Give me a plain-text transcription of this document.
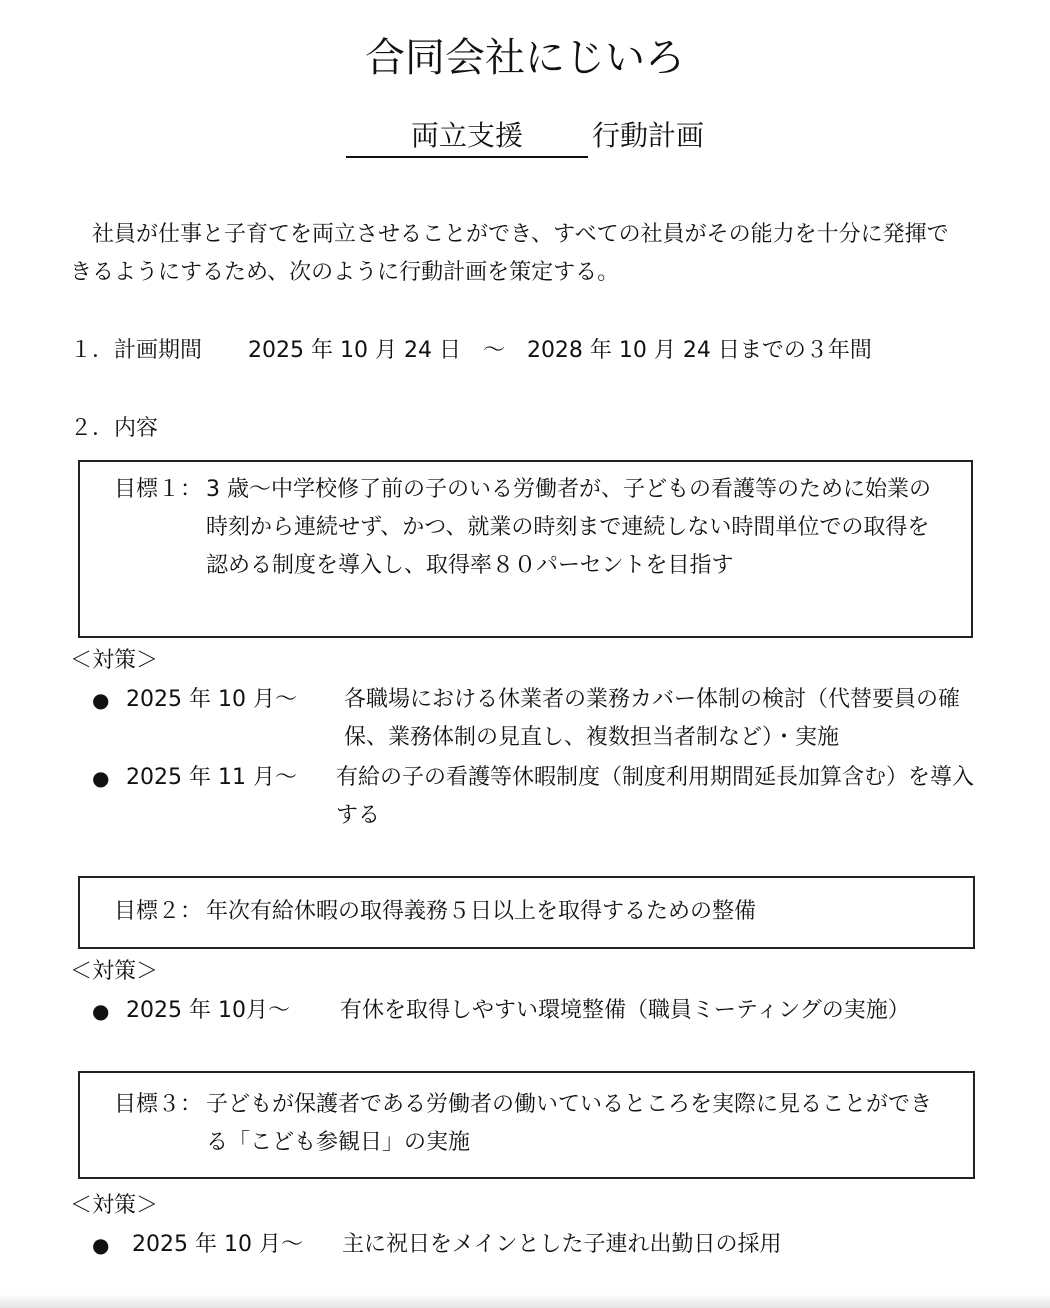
合同会社にじいろ
両立支援 行動計画

社員が仕事と子育てを両立させることができ、すべての社員がその能力を十分に発揮で

きるようにするため、次のように行動計画を策定する。

１．計画期間 2025 年 10 月 24 日　～　2028 年 10 月 24 日までの３年間
２．内容
目標１： 3 歳～中学校修了前の子のいる労働者が、子どもの看護等のために始業の
時刻から連続せず、かつ、就業の時刻まで連続しない時間単位での取得を
認める制度を導入し、取得率８０パーセントを目指す
＜対策＞
● 2025 年 10 月～	各職場における休業者の業務カバー体制の検討（代替要員の確
保、業務体制の見直し、複数担当者制など）・実施
● 2025 年 11 月～	有給の子の看護等休暇制度（制度利用期間延長加算含む）を導入
する
目標２： 年次有給休暇の取得義務５日以上を取得するための整備
＜対策＞
● 2025 年 10月～	有休を取得しやすい環境整備（職員ミーティングの実施）
目標３： 子どもが保護者である労働者の働いているところを実際に見ることができ
る「こども参観日」の実施
＜対策＞
●	2025 年 10 月～	主に祝日をメインとした子連れ出勤日の採用
